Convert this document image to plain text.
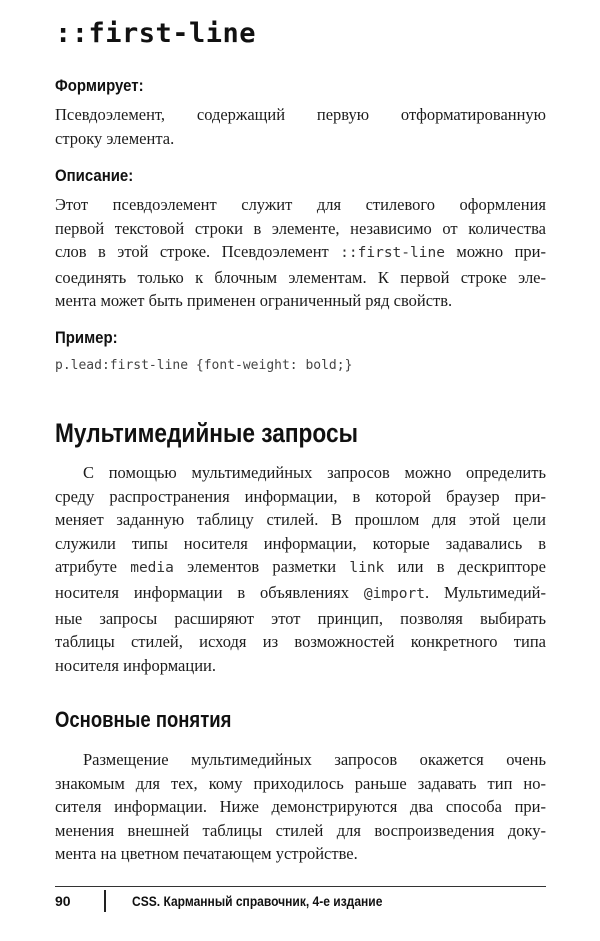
::first-line
Формирует:
Псевдоэлемент, содержащий первую отформатированную
строку элемента.
Описание:
Этот псевдоэлемент служит для стилевого оформления
первой текстовой строки в элементе, независимо от количества
слов в этой строке. Псевдоэлемент ::first-line можно при-
соединять только к блочным элементам. К первой строке эле-
мента может быть применен ограниченный ряд свойств.
Пример:
p.lead:first-line {font-weight: bold;}
Мультимедийные запросы
С помощью мультимедийных запросов можно определить
среду распространения информации, в которой браузер при-
меняет заданную таблицу стилей. В прошлом для этой цели
служили типы носителя информации, которые задавались в
атрибуте media элементов разметки link или в дескрипторе
носителя информации в объявлениях @import. Мультимедий-
ные запросы расширяют этот принцип, позволяя выбирать
таблицы стилей, исходя из возможностей конкретного типа
носителя информации.
Основные понятия
Размещение мультимедийных запросов окажется очень
знакомым для тех, кому приходилось раньше задавать тип но-
сителя информации. Ниже демонстрируются два способа при-
менения внешней таблицы стилей для воспроизведения доку-
мента на цветном печатающем устройстве.
90	CSS. Карманный справочник, 4-е издание
